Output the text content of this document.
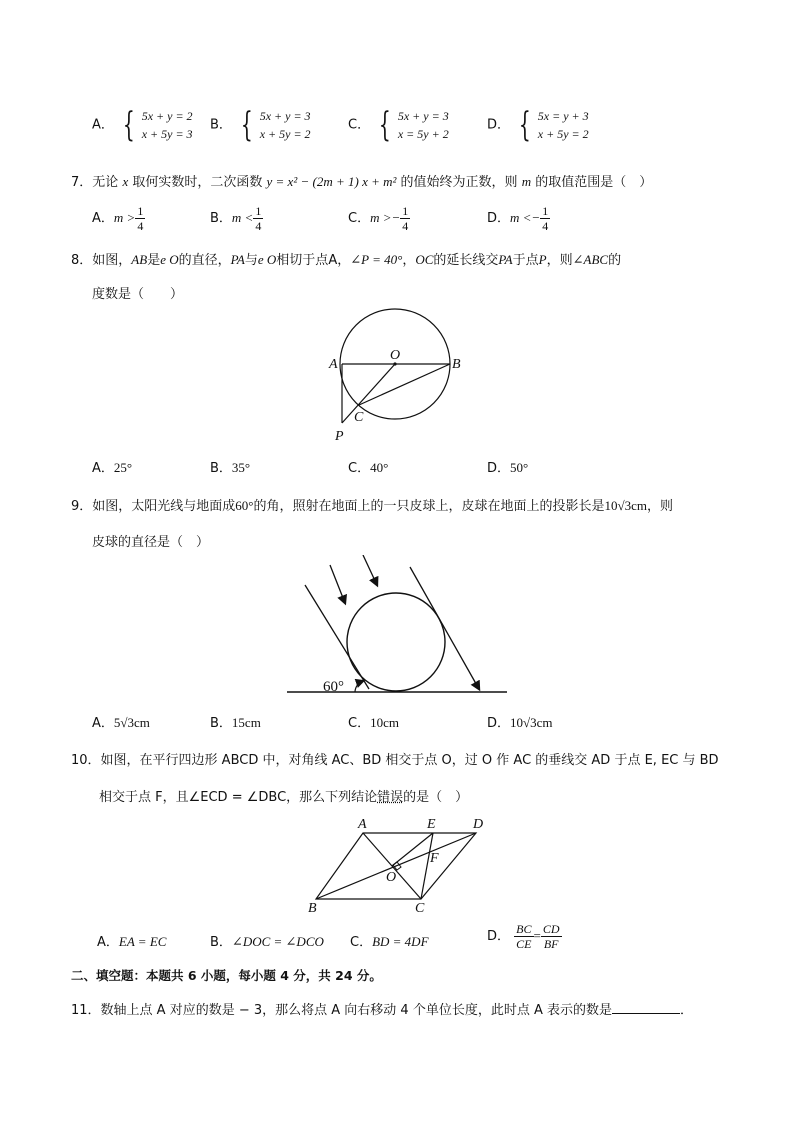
A． { 5x + y = 2
x + 5y = 3
B． { 5x + y = 3
x + 5y = 2
C． { 5x + y = 3
x = 5y + 2
D． { 5x = y + 3
x + 5y = 2
7．无论 x 取何实数时，二次函数 y = x² − (2m + 1) x + m² 的值始终为正数，则 m 的取值范围是（　）
A．$m > \frac{1}{4}$	B．$m < \frac{1}{4}$	C．$m >- \frac{1}{4}$	D．$m <- \frac{1}{4}$
8．如图，AB是e O的直径，PA与e O相切于点A，∠P = 40°，OC的延长线交PA于点P，则∠ABC的
度数是（　　）
A
O
B
C
P
A．25°	B．35°	C．40°	D．50°
9．如图，太阳光线与地面成60°的角，照射在地面上的一只皮球上，皮球在地面上的投影长是10√3cm，则
皮球的直径是（　）
60°
A．5√3cm	B．15cm	C．10cm	D．10√3cm
10．如图，在平行四边形 ABCD 中，对角线 AC、BD 相交于点 O，过 O 作 AC 的垂线交 AD 于点 E, EC 与 BD
相交于点 F，且∠ECD = ∠DBC，那么下列结论错误的是（　）
A	E	D
O
F
B	C
A．EA = EC	B．∠DOC = ∠DCO C．BD = 4DF	D． $\frac{BC}{CE} = \frac{CD}{BF}$
二、填空题：本题共 6 小题，每小题 4 分，共 24 分。
11．数轴上点 A 对应的数是 − 3，那么将点 A 向右移动 4 个单位长度，此时点 A 表示的数是	．
